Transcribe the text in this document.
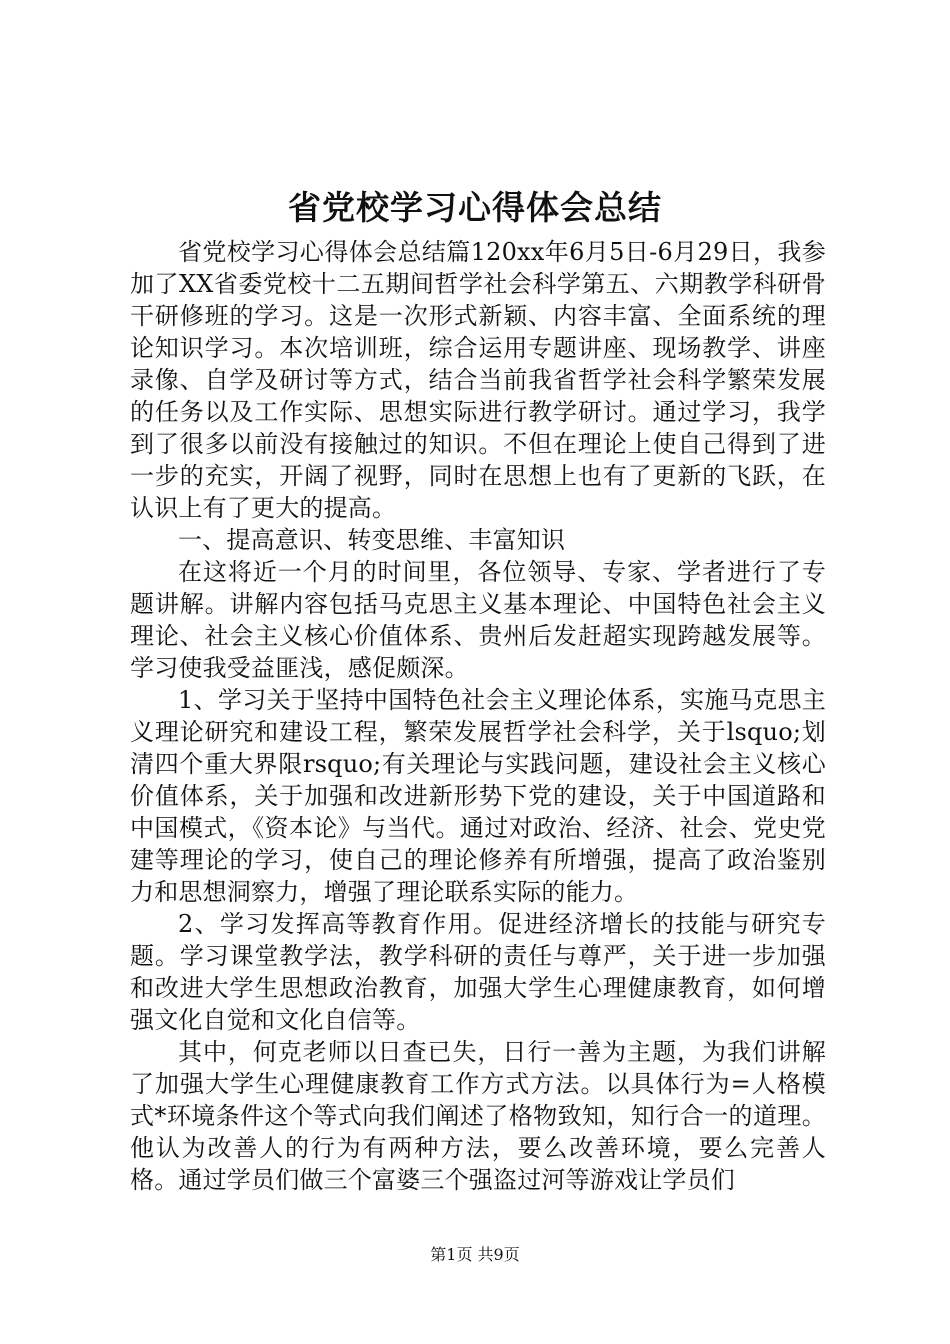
省党校学习心得体会总结

省党校学习心得体会总结篇120xx年6月5日-6月29日，我参加了XX省委党校十二五期间哲学社会科学第五、六期教学科研骨干研修班的学习。这是一次形式新颖、内容丰富、全面系统的理论知识学习。本次培训班，综合运用专题讲座、现场教学、讲座录像、自学及研讨等方式，结合当前我省哲学社会科学繁荣发展的任务以及工作实际、思想实际进行教学研讨。通过学习，我学到了很多以前没有接触过的知识。不但在理论上使自己得到了进一步的充实，开阔了视野，同时在思想上也有了更新的飞跃，在认识上有了更大的提高。

一、提高意识、转变思维、丰富知识

在这将近一个月的时间里，各位领导、专家、学者进行了专题讲解。讲解内容包括马克思主义基本理论、中国特色社会主义理论、社会主义核心价值体系、贵州后发赶超实现跨越发展等。学习使我受益匪浅，感促颇深。

1、学习关于坚持中国特色社会主义理论体系，实施马克思主义理论研究和建设工程，繁荣发展哲学社会科学，关于lsquo;划清四个重大界限rsquo;有关理论与实践问题，建设社会主义核心价值体系，关于加强和改进新形势下党的建设，关于中国道路和中国模式，《资本论》与当代。通过对政治、经济、社会、党史党建等理论的学习，使自己的理论修养有所增强，提高了政治鉴别力和思想洞察力，增强了理论联系实际的能力。

2、学习发挥高等教育作用。促进经济增长的技能与研究专题。学习课堂教学法，教学科研的责任与尊严，关于进一步加强和改进大学生思想政治教育，加强大学生心理健康教育，如何增强文化自觉和文化自信等。

其中，何克老师以日查已失，日行一善为主题，为我们讲解了加强大学生心理健康教育工作方式方法。以具体行为=人格模式*环境条件这个等式向我们阐述了格物致知，知行合一的道理。他认为改善人的行为有两种方法，要么改善环境，要么完善人格。通过学员们做三个富婆三个强盗过河等游戏让学员们

第1页 共9页
